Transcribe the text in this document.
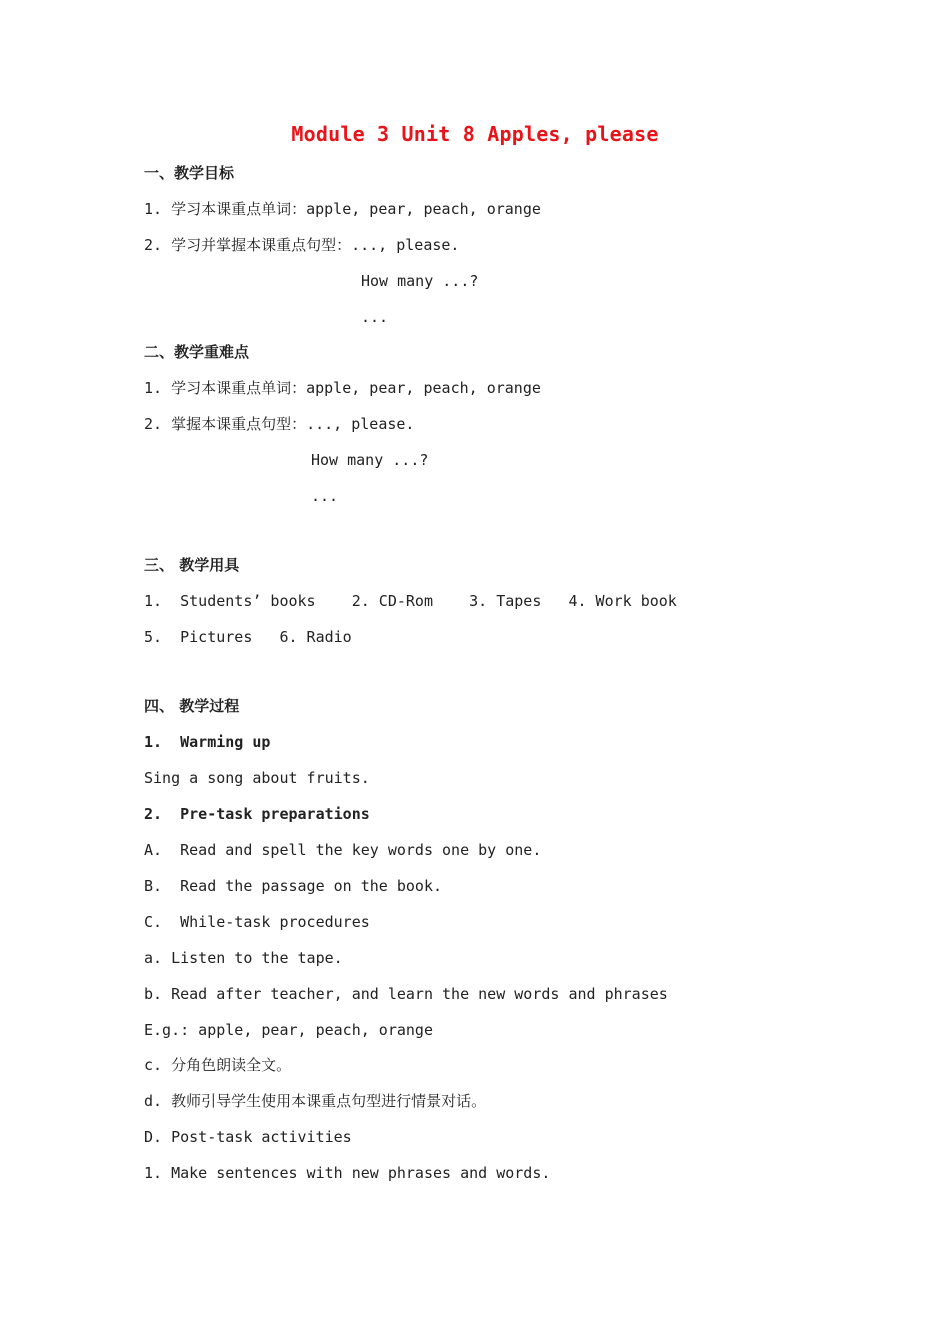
Module 3 Unit 8 Apples, please
一、教学目标
1. 学习本课重点单词：apple, pear, peach, orange
2. 学习并掌握本课重点句型：..., please.
How many ...?
...
二、教学重难点
1. 学习本课重点单词：apple, pear, peach, orange
2. 掌握本课重点句型：..., please.
How many ...?
...
三、 教学用具
1.  Students’ books    2. CD-Rom    3. Tapes   4. Work book
5.  Pictures   6. Radio
四、 教学过程
1.  Warming up
Sing a song about fruits.
2.  Pre-task preparations
A.  Read and spell the key words one by one.
B.  Read the passage on the book.
C.  While-task procedures
a. Listen to the tape.
b. Read after teacher, and learn the new words and phrases
E.g.: apple, pear, peach, orange
c. 分角色朗读全文。
d. 教师引导学生使用本课重点句型进行情景对话。
D. Post-task activities
1. Make sentences with new phrases and words.
